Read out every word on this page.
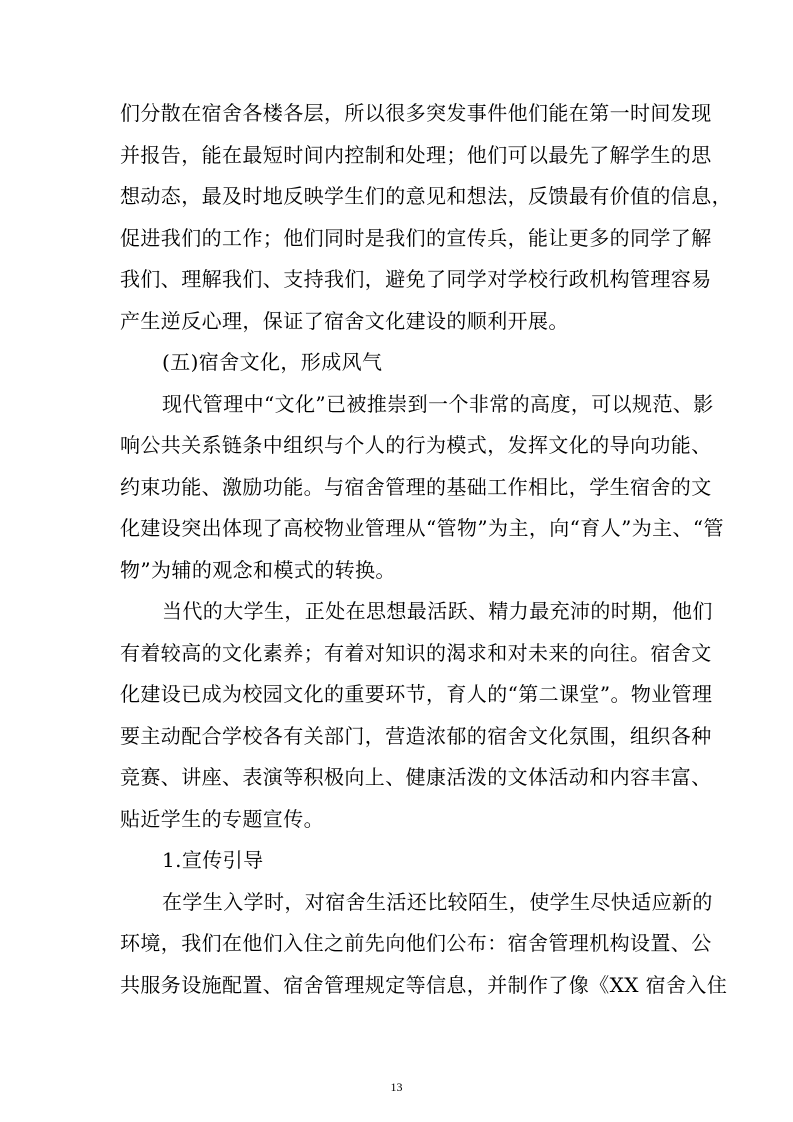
们分散在宿舍各楼各层，所以很多突发事件他们能在第一时间发现
并报告，能在最短时间内控制和处理；他们可以最先了解学生的思
想动态，最及时地反映学生们的意见和想法，反馈最有价值的信息，
促进我们的工作；他们同时是我们的宣传兵，能让更多的同学了解
我们、理解我们、支持我们，避免了同学对学校行政机构管理容易
产生逆反心理，保证了宿舍文化建设的顺利开展。
(五)宿舍文化，形成风气
现代管理中“文化”已被推崇到一个非常的高度，可以规范、影
响公共关系链条中组织与个人的行为模式，发挥文化的导向功能、
约束功能、激励功能。与宿舍管理的基础工作相比，学生宿舍的文
化建设突出体现了高校物业管理从“管物”为主，向“育人”为主、“管
物”为辅的观念和模式的转换。
当代的大学生，正处在思想最活跃、精力最充沛的时期，他们
有着较高的文化素养；有着对知识的渴求和对未来的向往。宿舍文
化建设已成为校园文化的重要环节，育人的“第二课堂”。物业管理
要主动配合学校各有关部门，营造浓郁的宿舍文化氛围，组织各种
竞赛、讲座、表演等积极向上、健康活泼的文体活动和内容丰富、
贴近学生的专题宣传。
1.宣传引导
在学生入学时，对宿舍生活还比较陌生，使学生尽快适应新的
环境，我们在他们入住之前先向他们公布：宿舍管理机构设置、公
共服务设施配置、宿舍管理规定等信息，并制作了像《XX 宿舍入住
13
